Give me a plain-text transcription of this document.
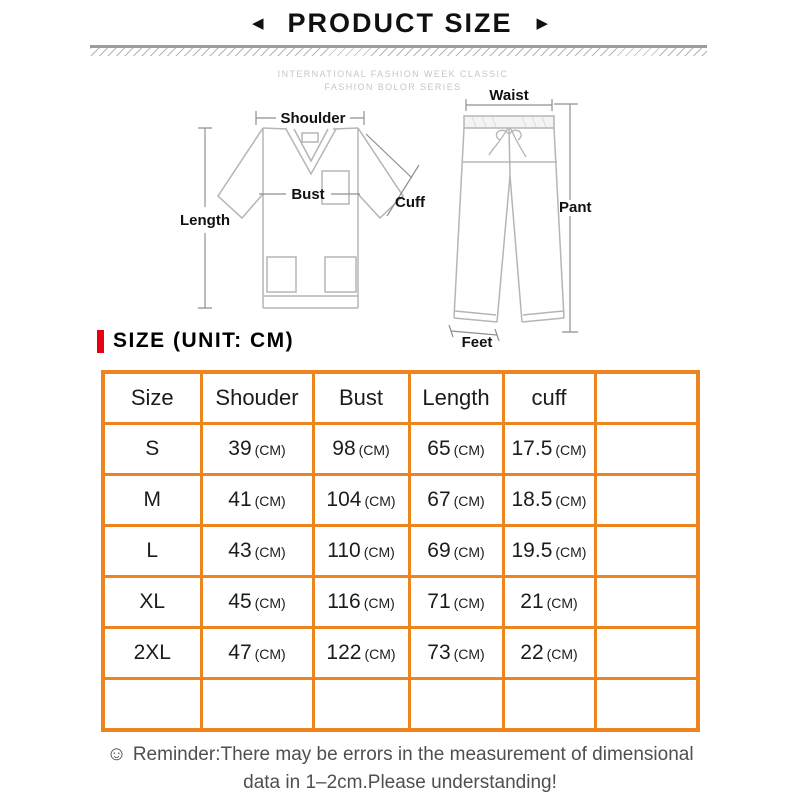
◀ PRODUCT SIZE ▶
INTERNATIONAL FASHION WEEK CLASSIC
FASHION BOLOR SERIES
Shoulder
Length
Bust	Cuff
Waist
Pant
Feet
SIZE (UNIT: CM)
Size	Shouder	Bust	Length	cuff	
S	39 (CM)	98 (CM)	65 (CM)	17.5 (CM)	
M	41 (CM)	104 (CM)	67 (CM)	18.5 (CM)	
L	43 (CM)	110 (CM)	69 (CM)	19.5 (CM)	
XL	45 (CM)	116 (CM)	71 (CM)	21 (CM)	
2XL	47 (CM)	122 (CM)	73 (CM)	22 (CM)	

☺ Reminder:There may be errors in the measurement of dimensional
data in 1–2cm.Please understanding!
